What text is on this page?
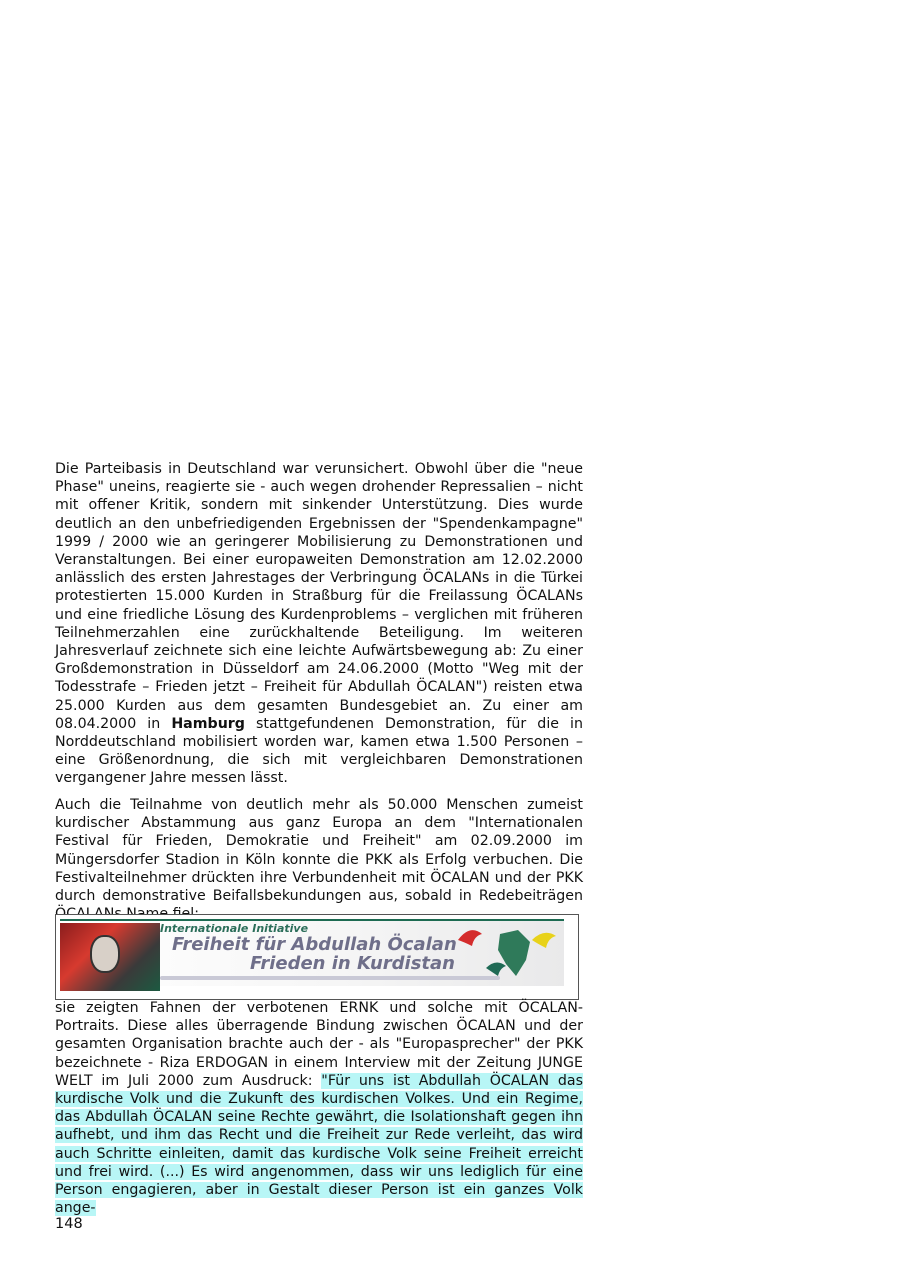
Die Parteibasis in Deutschland war verunsichert. Obwohl über die "neue Phase" uneins, reagierte sie - auch wegen drohender Repressalien – nicht mit offener Kritik, sondern mit sinkender Unterstützung. Dies wurde deutlich an den unbefriedigenden Ergebnissen der "Spendenkampagne" 1999 / 2000 wie an geringerer Mobilisierung zu Demonstrationen und Veranstaltungen. Bei einer europaweiten Demonstration am 12.02.2000 anlässlich des ersten Jahrestages der Verbringung ÖCALANs in die Türkei protestierten 15.000 Kurden in Straßburg für die Freilassung ÖCALANs und eine friedliche Lösung des Kurdenproblems – verglichen mit früheren Teilnehmerzahlen eine zurückhaltende Beteiligung. Im weiteren Jahresverlauf zeichnete sich eine leichte Aufwärtsbewegung ab: Zu einer Großdemonstration in Düsseldorf am 24.06.2000 (Motto "Weg mit der Todesstrafe – Frieden jetzt – Freiheit für Abdullah ÖCALAN") reisten etwa 25.000 Kurden aus dem gesamten Bundesgebiet an. Zu einer am 08.04.2000 in Hamburg stattgefundenen Demonstration, für die in Norddeutschland mobilisiert worden war, kamen etwa 1.500 Personen – eine Größenordnung, die sich mit vergleichbaren Demonstrationen vergangener Jahre messen lässt.

Auch die Teilnahme von deutlich mehr als 50.000 Menschen zumeist kurdischer Abstammung aus ganz Europa an dem "Internationalen Festival für Frieden, Demokratie und Freiheit" am 02.09.2000 im Müngersdorfer Stadion in Köln konnte die PKK als Erfolg verbuchen. Die Festivalteilnehmer drückten ihre Verbundenheit mit ÖCALAN und der PKK durch demonstrative Beifallsbekundungen aus, sobald in Redebeiträgen

Internationale Initiative
Freiheit für Abdullah Öcalan
Frieden in Kurdistan

sie zeigten Fahnen der verbotenen ERNK und solche mit ÖCALAN-Portraits. Diese alles überragende Bindung zwischen ÖCALAN und der gesamten Organisation brachte auch der - als "Europasprecher" der PKK bezeichnete - Riza ERDOGAN in einem Interview mit der Zeitung JUNGE WELT im Juli 2000 zum Ausdruck: "Für uns ist Abdullah ÖCALAN das kurdische Volk und die Zukunft des kurdischen Volkes. Und ein Regime, das Abdullah ÖCALAN seine Rechte gewährt, die Isolationshaft gegen ihn aufhebt, und ihm das Recht und die Freiheit zur Rede verleiht, das wird auch Schritte einleiten, damit das kurdische Volk seine Freiheit erreicht und frei wird. (...) Es wird angenommen, dass wir uns lediglich für eine Person engagieren, aber in Gestalt dieser Person ist ein ganzes Volk ange-

148
